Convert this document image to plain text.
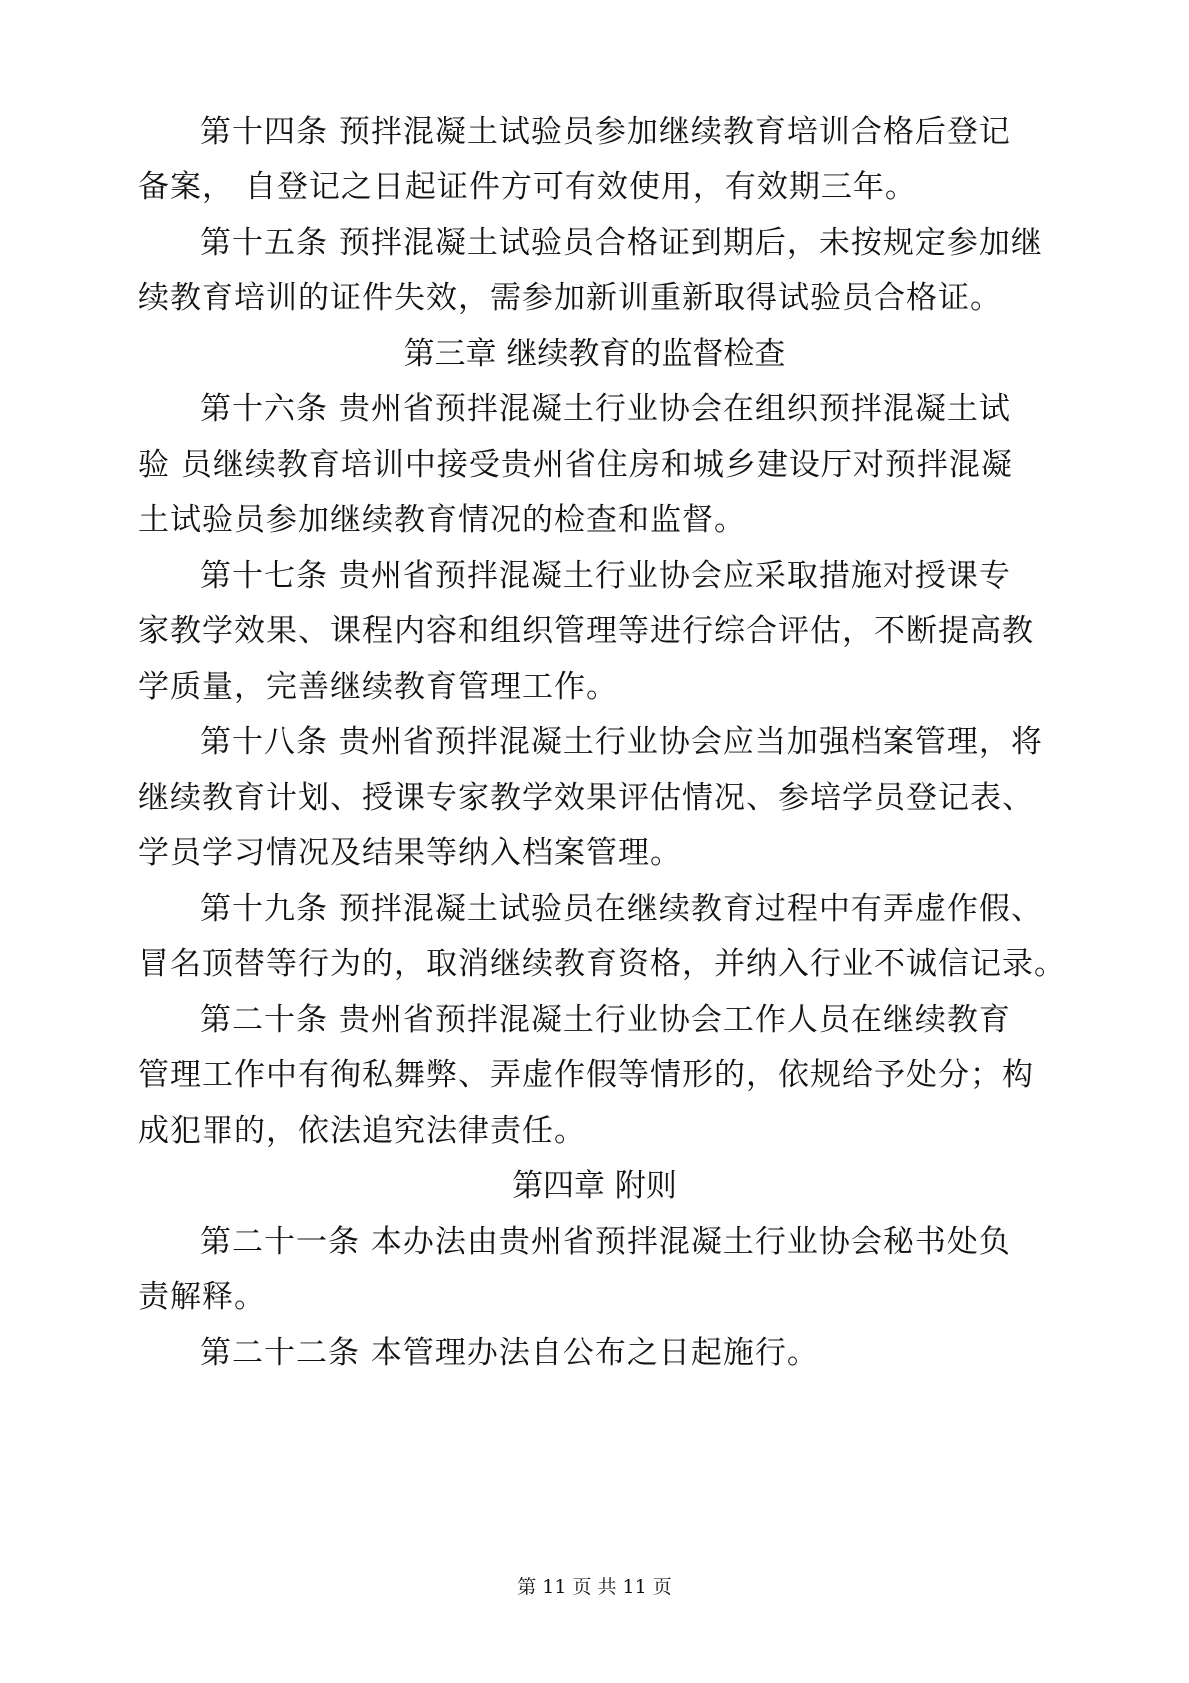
第十四条 预拌混凝土试验员参加继续教育培训合格后登记
备案， 自登记之日起证件方可有效使用，有效期三年。
第十五条 预拌混凝土试验员合格证到期后，未按规定参加继
续教育培训的证件失效，需参加新训重新取得试验员合格证。
第三章 继续教育的监督检查
第十六条 贵州省预拌混凝土行业协会在组织预拌混凝土试
验 员继续教育培训中接受贵州省住房和城乡建设厅对预拌混凝
土试验员参加继续教育情况的检查和监督。
第十七条 贵州省预拌混凝土行业协会应采取措施对授课专
家教学效果、课程内容和组织管理等进行综合评估，不断提高教
学质量，完善继续教育管理工作。
第十八条 贵州省预拌混凝土行业协会应当加强档案管理，将
继续教育计划、授课专家教学效果评估情况、参培学员登记表、
学员学习情况及结果等纳入档案管理。
第十九条 预拌混凝土试验员在继续教育过程中有弄虚作假、
冒名顶替等行为的，取消继续教育资格，并纳入行业不诚信记录。
第二十条 贵州省预拌混凝土行业协会工作人员在继续教育
管理工作中有徇私舞弊、弄虚作假等情形的，依规给予处分；构
成犯罪的，依法追究法律责任。
第四章 附则
第二十一条 本办法由贵州省预拌混凝土行业协会秘书处负
责解释。
第二十二条 本管理办法自公布之日起施行。
第 11 页 共 11 页
